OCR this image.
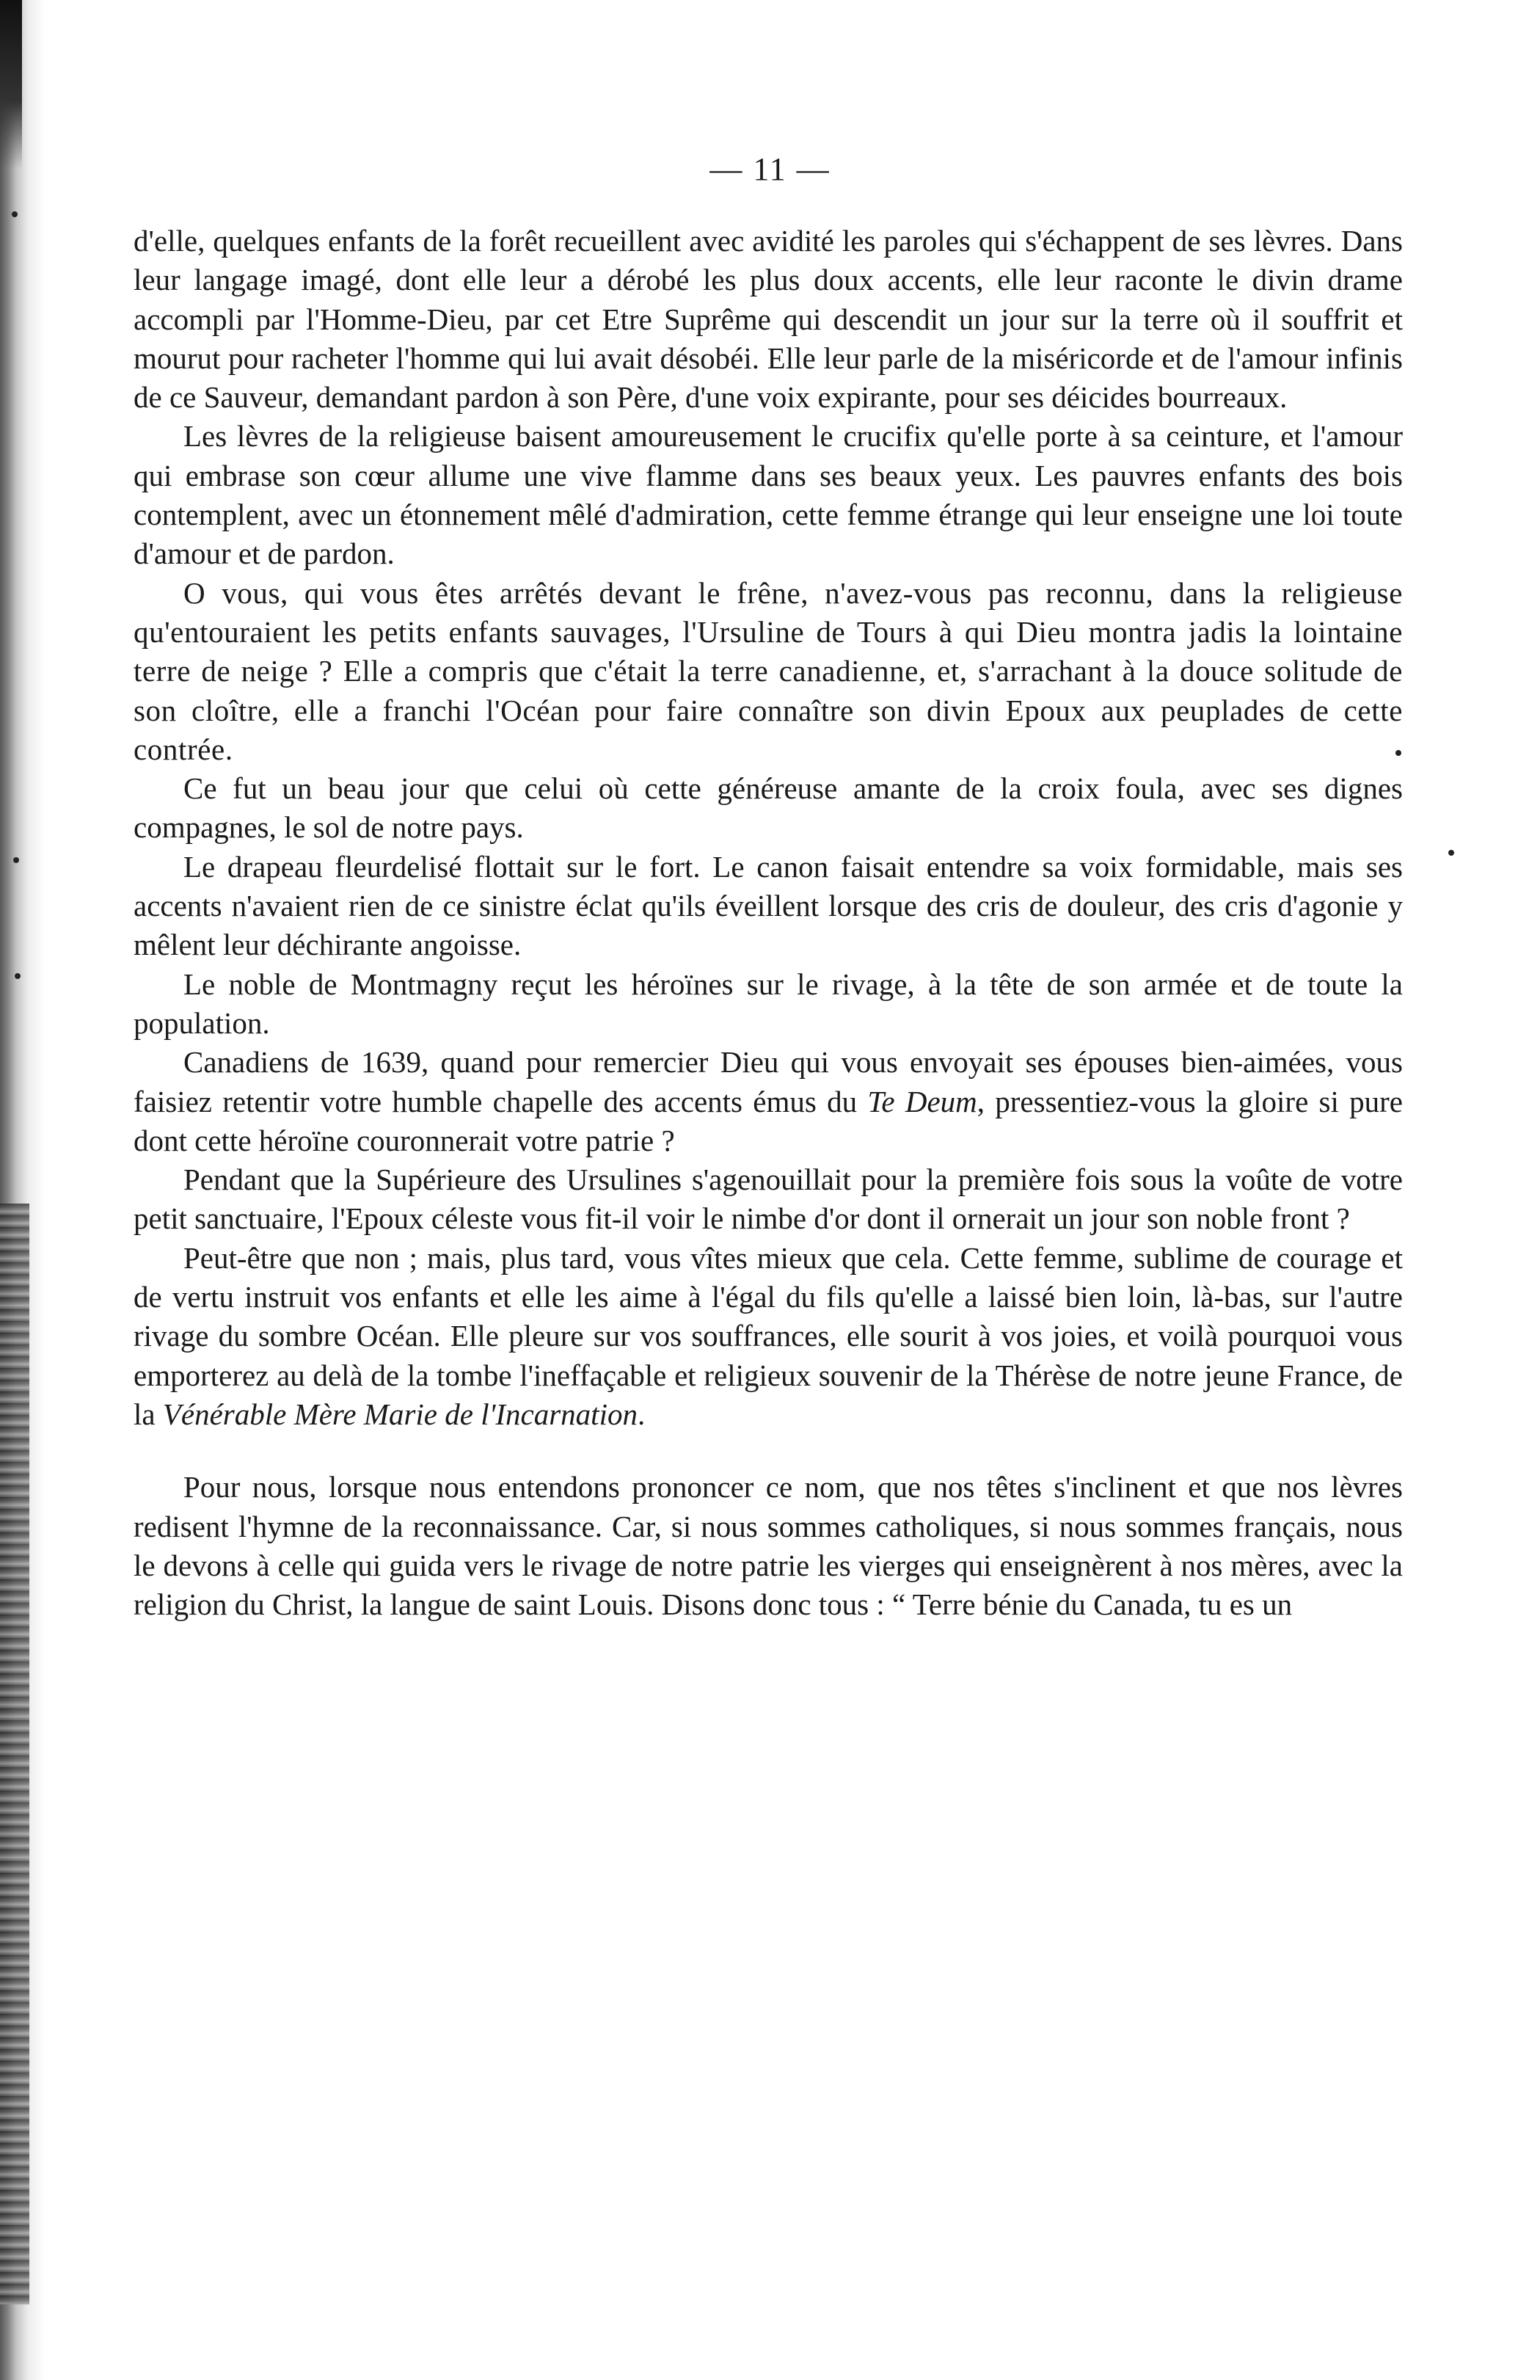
— 11 —

d'elle, quelques enfants de la forêt recueillent avec avidité les paroles qui s'échappent de ses lèvres. Dans leur langage imagé, dont elle leur a dérobé les plus doux accents, elle leur raconte le divin drame accompli par l'Homme-Dieu, par cet Etre Suprême qui descendit un jour sur la terre où il souffrit et mourut pour racheter l'homme qui lui avait désobéi. Elle leur parle de la miséricorde et de l'amour infinis de ce Sauveur, demandant pardon à son Père, d'une voix expirante, pour ses déicides bourreaux.

Les lèvres de la religieuse baisent amoureusement le crucifix qu'elle porte à sa ceinture, et l'amour qui embrase son cœur allume une vive flamme dans ses beaux yeux. Les pauvres enfants des bois contemplent, avec un étonnement mêlé d'admiration, cette femme étrange qui leur enseigne une loi toute d'amour et de pardon.

O vous, qui vous êtes arrêtés devant le frêne, n'avez-vous pas reconnu, dans la religieuse qu'entouraient les petits enfants sauvages, l'Ursuline de Tours à qui Dieu montra jadis la lointaine terre de neige ? Elle a compris que c'était la terre canadienne, et, s'arrachant à la douce solitude de son cloître, elle a franchi l'Océan pour faire connaître son divin Epoux aux peuplades de cette contrée.

Ce fut un beau jour que celui où cette généreuse amante de la croix foula, avec ses dignes compagnes, le sol de notre pays.

Le drapeau fleurdelisé flottait sur le fort. Le canon faisait entendre sa voix formidable, mais ses accents n'avaient rien de ce sinistre éclat qu'ils éveillent lorsque des cris de douleur, des cris d'agonie y mêlent leur déchirante angoisse.

Le noble de Montmagny reçut les héroïnes sur le rivage, à la tête de son armée et de toute la population.

Canadiens de 1639, quand pour remercier Dieu qui vous envoyait ses épouses bien-aimées, vous faisiez retentir votre humble chapelle des accents émus du Te Deum, pressentiez-vous la gloire si pure dont cette héroïne couronnerait votre patrie ?

Pendant que la Supérieure des Ursulines s'agenouillait pour la première fois sous la voûte de votre petit sanctuaire, l'Epoux céleste vous fit-il voir le nimbe d'or dont il ornerait un jour son noble front ?

Peut-être que non ; mais, plus tard, vous vîtes mieux que cela. Cette femme, sublime de courage et de vertu instruit vos enfants et elle les aime à l'égal du fils qu'elle a laissé bien loin, là-bas, sur l'autre rivage du sombre Océan. Elle pleure sur vos souffrances, elle sourit à vos joies, et voilà pourquoi vous emporterez au delà de la tombe l'ineffaçable et religieux souvenir de la Thérèse de notre jeune France, de la Vénérable Mère Marie de l'Incarnation.

Pour nous, lorsque nous entendons prononcer ce nom, que nos têtes s'inclinent et que nos lèvres redisent l'hymne de la reconnaissance. Car, si nous sommes catholiques, si nous sommes français, nous le devons à celle qui guida vers le rivage de notre patrie les vierges qui enseignèrent à nos mères, avec la religion du Christ, la langue de saint Louis. Disons donc tous : “ Terre bénie du Canada, tu es un
